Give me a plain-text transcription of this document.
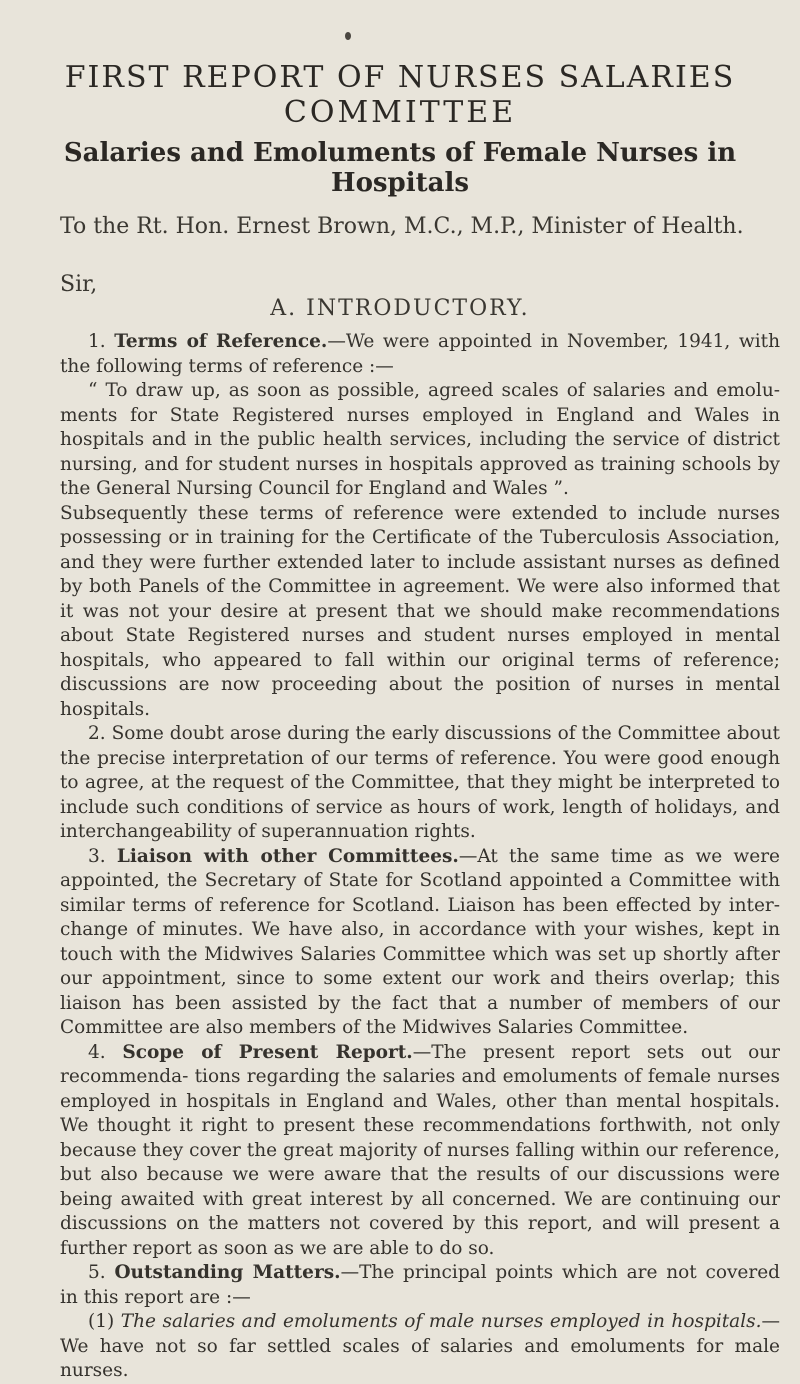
FIRST REPORT OF NURSES SALARIES
COMMITTEE
Salaries and Emoluments of Female Nurses in
Hospitals
To the Rt. Hon. Ernest Brown, M.C., M.P., Minister of Health.
Sir,
A. INTRODUCTORY.

1. Terms of Reference.—We were appointed in November, 1941, with the following terms of reference :—

“ To draw up, as soon as possible, agreed scales of salaries and emolu- ments for State Registered nurses employed in England and Wales in hospitals and in the public health services, including the service of district nursing, and for student nurses in hospitals approved as training schools by the General Nursing Council for England and Wales ”.

Subsequently these terms of reference were extended to include nurses possessing or in training for the Certificate of the Tuberculosis Association, and they were further extended later to include assistant nurses as defined by both Panels of the Committee in agreement. We were also informed that it was not your desire at present that we should make recommendations about State Registered nurses and student nurses employed in mental hospitals, who appeared to fall within our original terms of reference; discussions are now proceeding about the position of nurses in mental hospitals.

2. Some doubt arose during the early discussions of the Committee about the precise interpretation of our terms of reference. You were good enough to agree, at the request of the Committee, that they might be interpreted to include such conditions of service as hours of work, length of holidays, and interchangeability of superannuation rights.

3. Liaison with other Committees.—At the same time as we were appointed, the Secretary of State for Scotland appointed a Committee with similar terms of reference for Scotland. Liaison has been effected by inter- change of minutes. We have also, in accordance with your wishes, kept in touch with the Midwives Salaries Committee which was set up shortly after our appointment, since to some extent our work and theirs overlap; this liaison has been assisted by the fact that a number of members of our Committee are also members of the Midwives Salaries Committee.

4. Scope of Present Report.—The present report sets out our recommenda- tions regarding the salaries and emoluments of female nurses employed in hospitals in England and Wales, other than mental hospitals. We thought it right to present these recommendations forthwith, not only because they cover the great majority of nurses falling within our reference, but also because we were aware that the results of our discussions were being awaited with great interest by all concerned. We are continuing our discussions on the matters not covered by this report, and will present a further report as soon as we are able to do so.

5. Outstanding Matters.—The principal points which are not covered in this report are :—

(1) The salaries and emoluments of male nurses employed in hospitals.—We have not so far settled scales of salaries and emoluments for male nurses.
